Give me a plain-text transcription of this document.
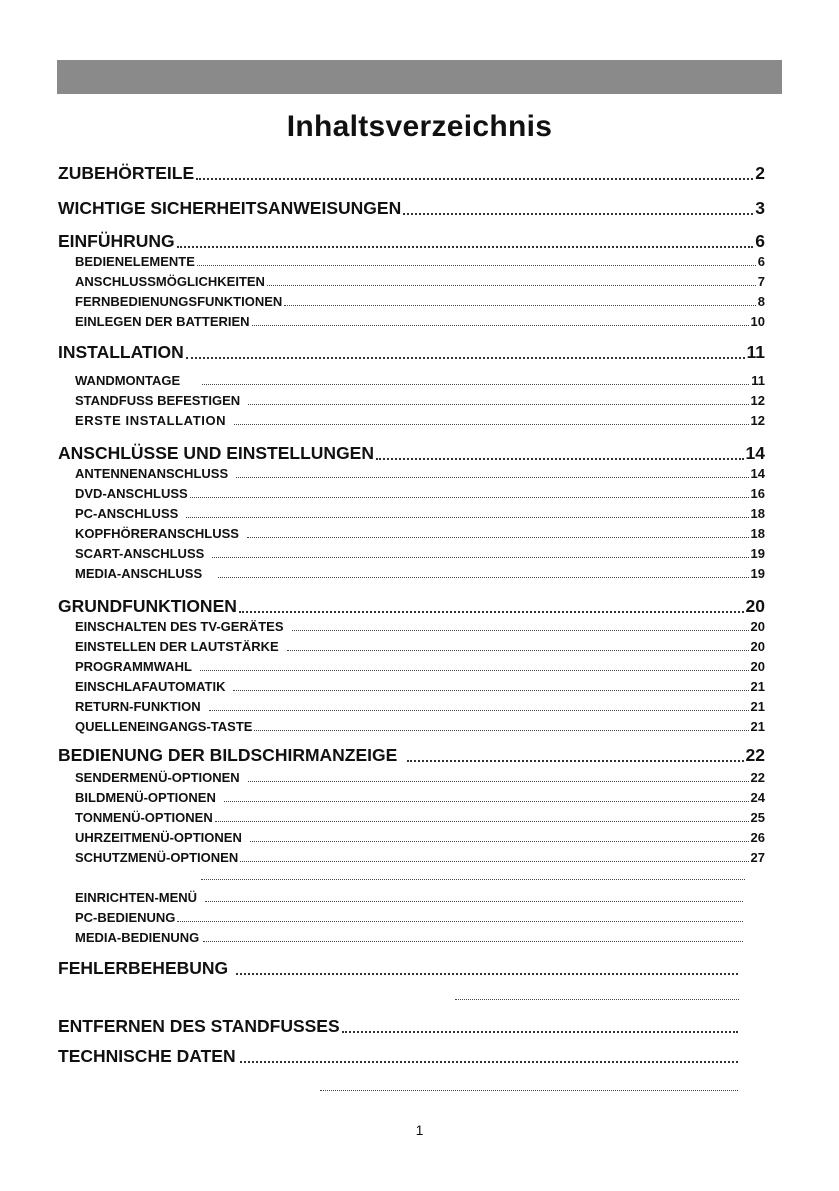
Inhaltsverzeichnis
ZUBEHÖRTEILE	2
WICHTIGE SICHERHEITSANWEISUNGEN	3
EINFÜHRUNG	6
BEDIENELEMENTE	6
ANSCHLUSSMÖGLICHKEITEN	7
FERNBEDIENUNGSFUNKTIONEN	8
EINLEGEN DER BATTERIEN	10
INSTALLATION	11
WANDMONTAGE	11
STANDFUSS BEFESTIGEN	12
ERSTE INSTALLATION	12
ANSCHLÜSSE UND EINSTELLUNGEN	14
ANTENNENANSCHLUSS	14
DVD-ANSCHLUSS	16
PC-ANSCHLUSS	18
KOPFHÖRERANSCHLUSS	18
SCART-ANSCHLUSS	19
MEDIA-ANSCHLUSS	19
GRUNDFUNKTIONEN	20
EINSCHALTEN DES TV-GERÄTES	20
EINSTELLEN DER LAUTSTÄRKE	20
PROGRAMMWAHL	20
EINSCHLAFAUTOMATIK	21
RETURN-FUNKTION	21
QUELLENEINGANGS-TASTE	21
BEDIENUNG DER BILDSCHIRMANZEIGE	22
SENDERMENÜ-OPTIONEN	22
BILDMENÜ-OPTIONEN	24
TONMENÜ-OPTIONEN	25
UHRZEITMENÜ-OPTIONEN	26
SCHUTZMENÜ-OPTIONEN	27
EINRICHTEN-MENÜ
PC-BEDIENUNG
MEDIA-BEDIENUNG
FEHLERBEHEBUNG
ENTFERNEN DES STANDFUSSES
TECHNISCHE DATEN
1
